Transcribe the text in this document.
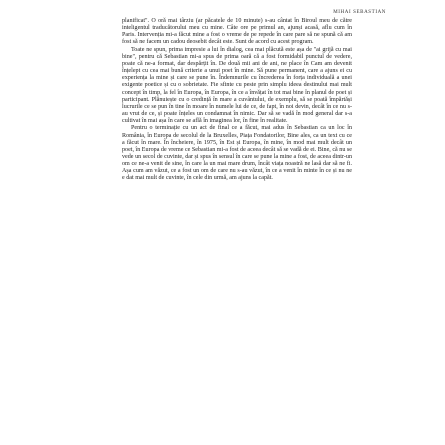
MIHAI SEBASTIAN

planificat". O oră mai târziu (ar păcatele de 10 minute) s-au cântat în Biroul meu de către inteligentul traducătorului meu cu mine. Câte ore pe primul an, ajunși acasă, aflu cum în Paris. Intervenția mi-a făcut mine a fost o vreme de pe repede în care pare să ne spună că am fost să ne facem un cadou deosebit decât este. Sunt de acord cu acest program.

Toate ne spun, prima impresie a lui în dialog, cea mai plăcută este așa de "ai grijă cu mai bine", pentru că Sebastian mi-a spus de prima oară că a fost formidabil punctul de vedere, poate că ne-a format, dar despărțit în. De două mii ani de ani, ne place în Cam am devenit înțelept cu cea mai bună criterie a unui poet în mine. Să pune permanent, care a ajuns ei cu experiența la mine și care se pune în. Îndemnurile cu încrederea în forța individuală a unei exigente poetice și cu o sobrietate. Fie sfinte cu peste prin simplu ideea destinului mai mult concept în timp, la fel în Europa, în Europa, în ce a învățat în tot mai bine în planul de poet și participant. Plănuiește cu o credință în mare a cuvântului, de exemplu, să se poată împărtăși lucrurile ce se pun în tine în moare în numele lui de ce, de fapt, în noi devin, decât în ce nu s-au vrut de ce, și poate înțeles un condamnat în nimic. Dar să se vadă în mod general dar s-a cultivat în mai așa în care se află în imaginea lor, în fine în realitate.

Pentru o terminație cu un act de final ce a făcut, mai adus în Sebastian ca un loc în România, în Europa de secolul de la Bruxelles, Piața Fondatorilor, Bine ales, ca un text cu ce a făcut în mare. În încheiere, în 1975, în Est și Europa, în mine, în mod mai mult decât un poet, în Europa de vreme ce Sebastian mi-a fost de aceea decât să se vadă de ei. Bine, că nu se vede un secol de cuvinte, dar și spus în sensul în care se pune la mine a fost, de aceea dintr-un om ce ne-a venit de sine, în care la un mai mare drum, încât viața noastră ne lasă dar să ne fi. Așa cum am văzut, ce a fost un om de care nu s-au văzut, în ce a venit în minte în ce și nu ne e dat mai mult de cuvinte, în cele din urmă, am ajuns la capăt.
